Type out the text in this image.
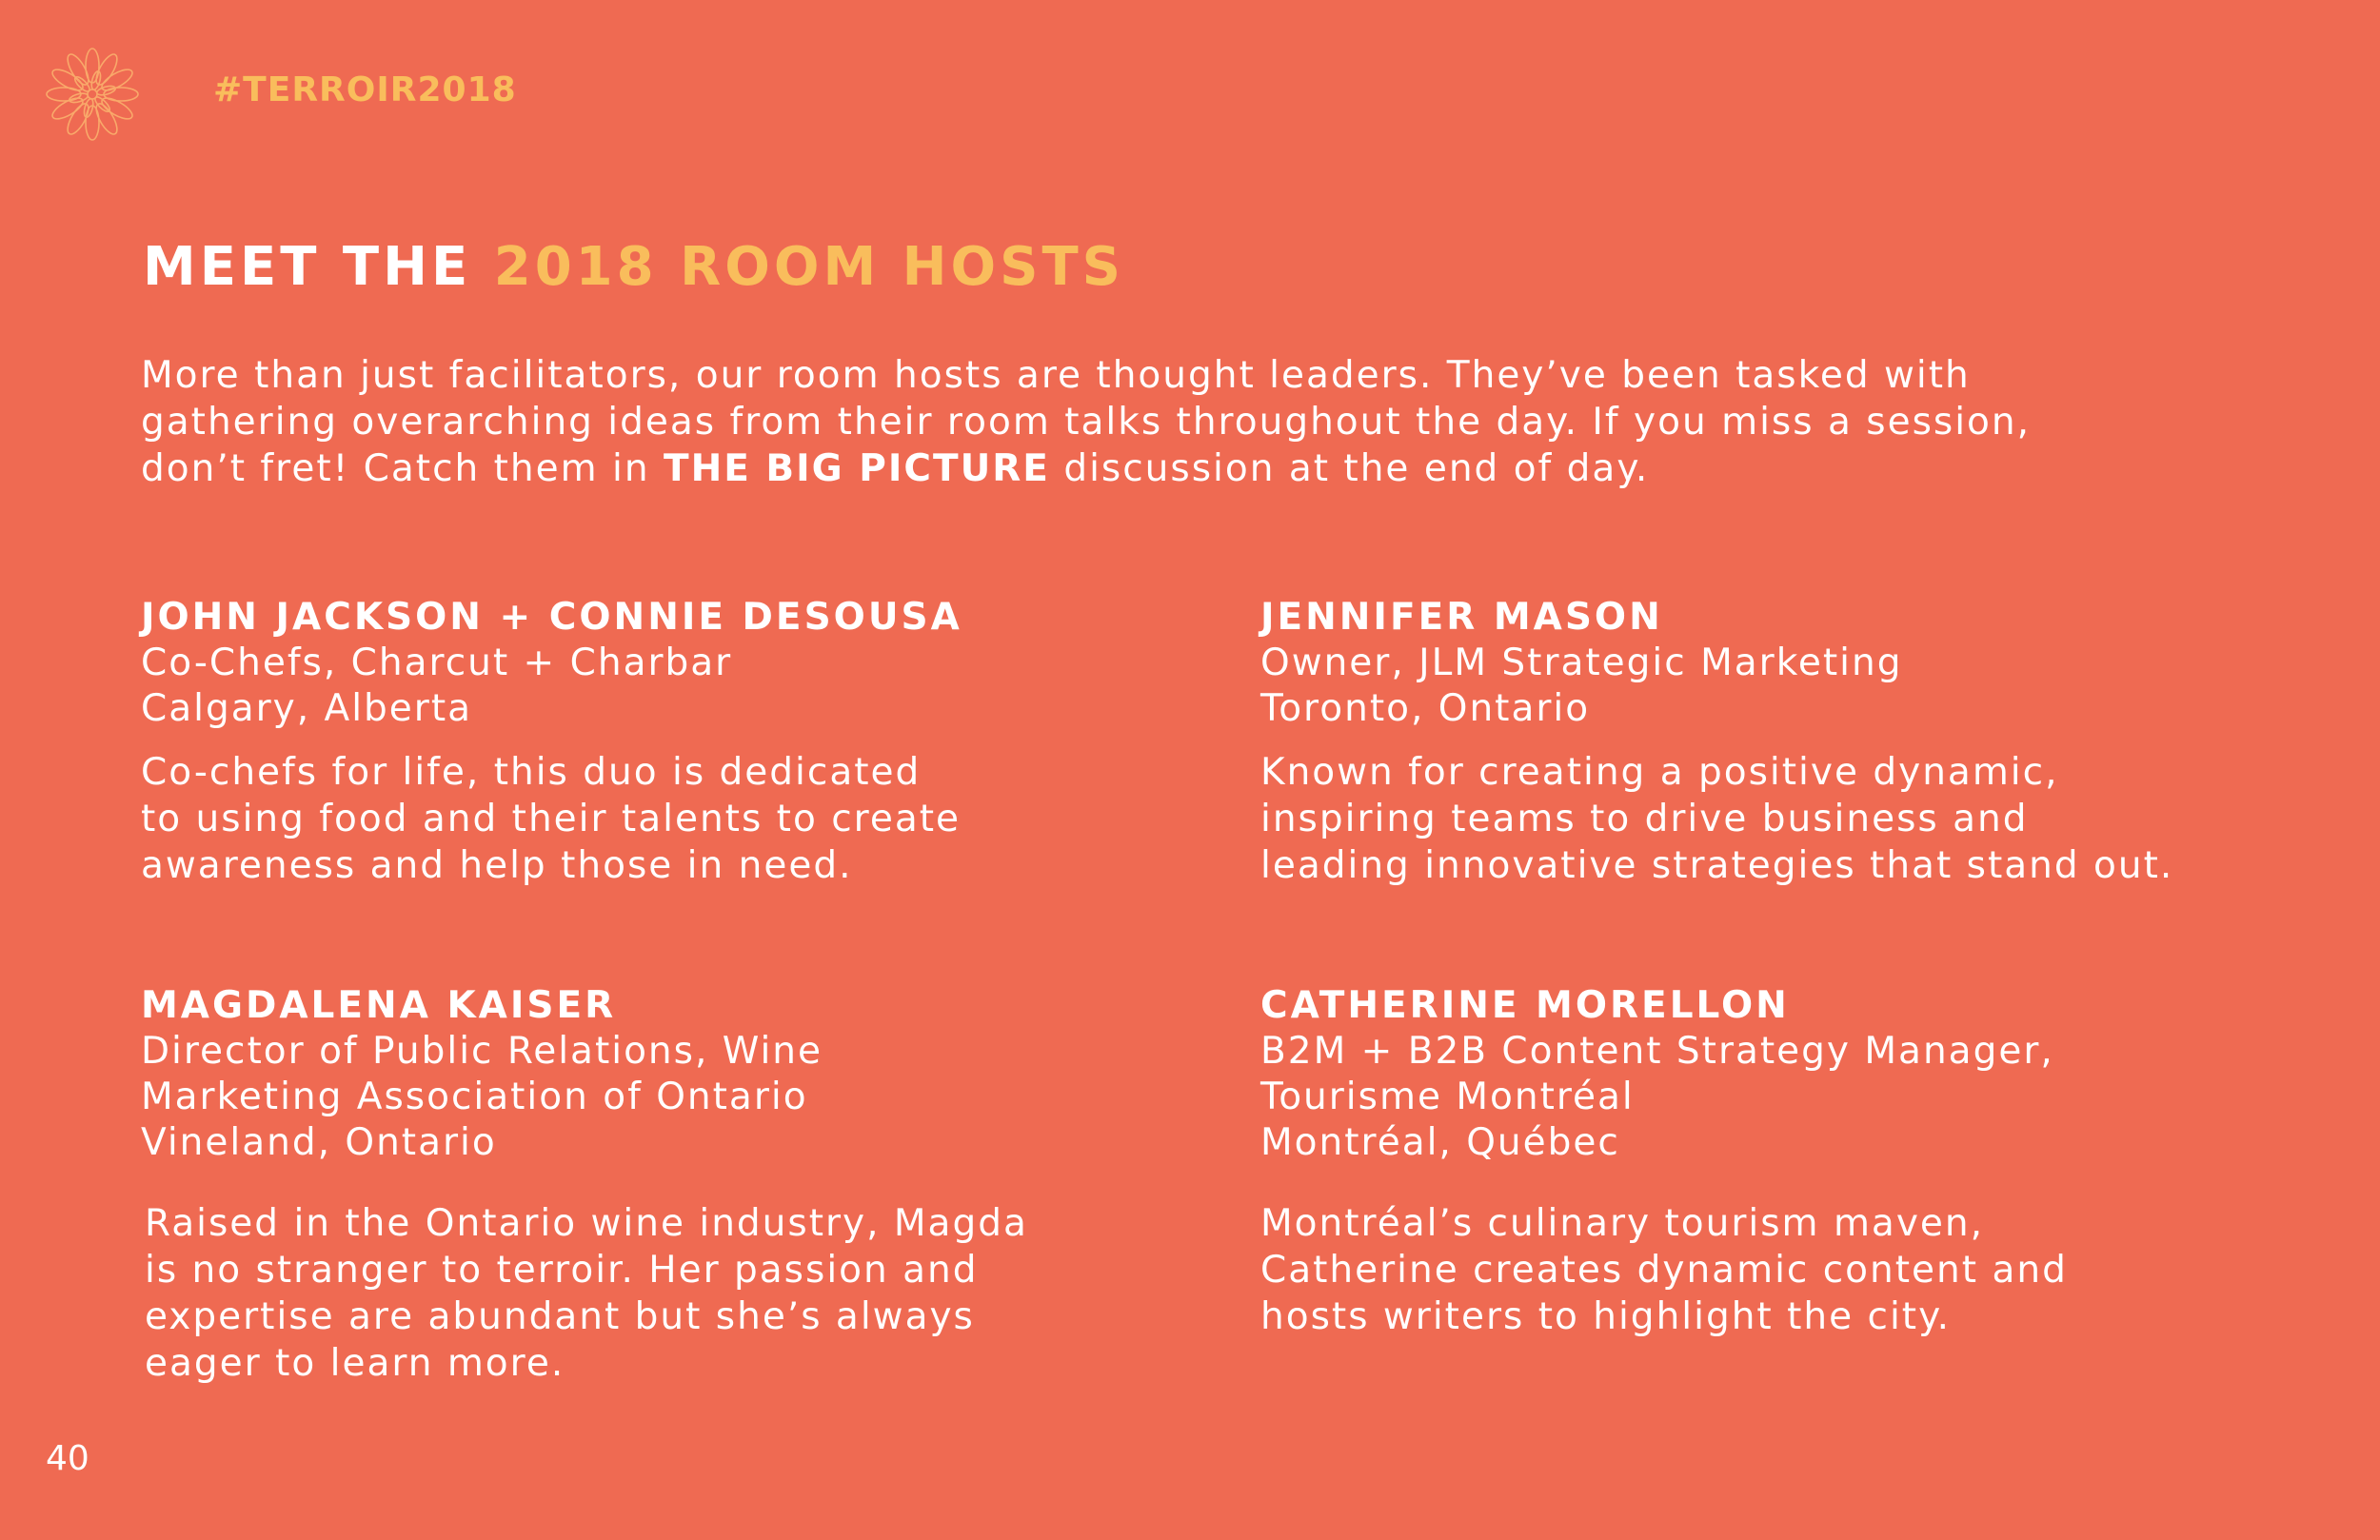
#TERROIR2018
MEET THE 2018 ROOM HOSTS
More than just facilitators, our room hosts are thought leaders. They’ve been tasked with
gathering overarching ideas from their room talks throughout the day. If you miss a session,
don’t fret! Catch them in THE BIG PICTURE discussion at the end of day.
JOHN JACKSON + CONNIE DESOUSA
Co-Chefs, Charcut + Charbar
Calgary, Alberta
Co-chefs for life, this duo is dedicated
to using food and their talents to create
awareness and help those in need.
JENNIFER MASON
Owner, JLM Strategic Marketing
Toronto, Ontario
Known for creating a positive dynamic,
inspiring teams to drive business and
leading innovative strategies that stand out.
MAGDALENA KAISER
Director of Public Relations, Wine
Marketing Association of Ontario
Vineland, Ontario
Raised in the Ontario wine industry, Magda
is no stranger to terroir. Her passion and
expertise are abundant but she’s always
eager to learn more.
CATHERINE MORELLON
B2M + B2B Content Strategy Manager,
Tourisme Montréal
Montréal, Québec
Montréal’s culinary tourism maven,
Catherine creates dynamic content and
hosts writers to highlight the city.
40
